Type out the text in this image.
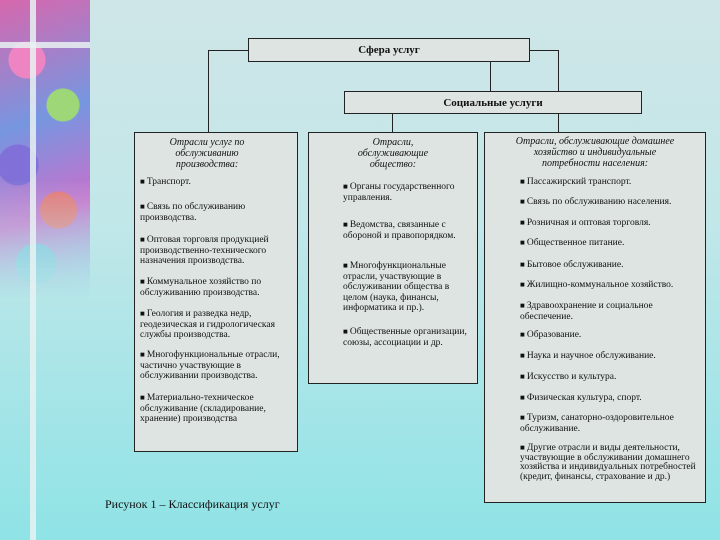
Сфера услуг
Социальные услуги
Отрасли услуг по обслуживанию производства:
Отрасли, обслуживающие общество:
Отрасли, обслуживающие домашнее хозяйство и индивидуальные потребности населения:
■ Транспорт.
■ Связь по обслуживанию производства.
■ Оптовая торговля продукцией производственно-технического назначения производства.
■ Коммунальное хозяйство по обслуживанию производства.
■ Геология и разведка недр, геодезическая и гидрологическая службы производства.
■ Многофункциональные отрасли, частично участвующие в обслуживании производства.
■ Материально-техническое обслуживание (складирование, хранение) производства
■ Органы государственного управления.
■ Ведомства, связанные с обороной и правопорядком.
■ Многофункциональные отрасли, участвующие в обслуживании общества в целом (наука, финансы, информатика и пр.).
■ Общественные организации, союзы, ассоциации и др.
■ Пассажирский транспорт.
■ Связь по обслуживанию населения.
■ Розничная и оптовая торговля.
■ Общественное питание.
■ Бытовое обслуживание.
■ Жилищно-коммунальное хозяйство.
■ Здравоохранение и социальное обеспечение.
■ Образование.
■ Наука и научное обслуживание.
■ Искусство и культура.
■ Физическая культура, спорт.
■ Туризм, санаторно-оздоровительное обслуживание.
■ Другие отрасли и виды деятельности, участвующие в обслуживании домашнего хозяйства и индивидуальных потребностей (кредит, финансы, страхование и др.)
Рисунок 1 – Классификация услуг
